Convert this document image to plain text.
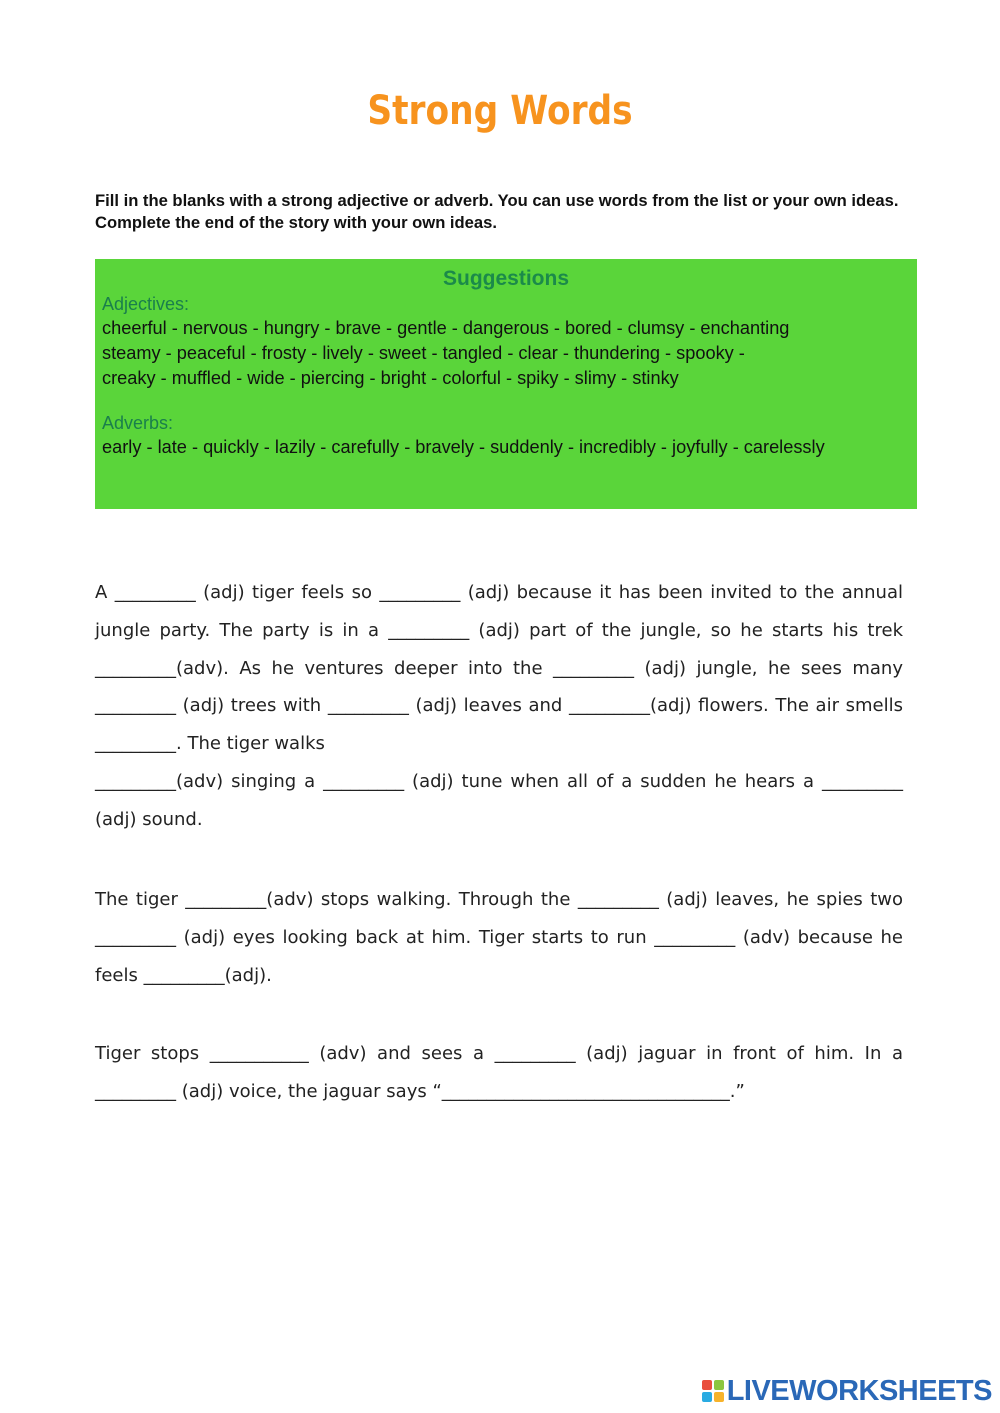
Strong Words
Fill in the blanks with a strong adjective or adverb. You can use words from the list or your own ideas. Complete the end of the story with your own ideas.
Suggestions
Adjectives:
cheerful - nervous - hungry - brave - gentle - dangerous - bored - clumsy - enchanting
steamy - peaceful - frosty - lively - sweet - tangled - clear - thundering - spooky -
creaky - muffled - wide - piercing - bright - colorful - spiky - slimy - stinky
Adverbs:
early - late - quickly - lazily - carefully - bravely - suddenly - incredibly - joyfully - carelessly

A _________ (adj) tiger feels so _________ (adj) because it has been invited to the annual jungle party. The party is in a _________ (adj) part of the jungle, so he starts his trek _________(adv). As he ventures deeper into the _________ (adj) jungle, he sees many _________ (adj) trees with _________ (adj) leaves and _________(adj) flowers. The air smells _________. The tiger walks

_________(adv) singing a _________ (adj) tune when all of a sudden he hears a _________ (adj) sound.

The tiger _________(adv) stops walking. Through the _________ (adj) leaves, he spies two _________ (adj) eyes looking back at him. Tiger starts to run _________ (adv) because he feels _________(adj).

Tiger stops ___________ (adv) and sees a _________ (adj) jaguar in front of him. In a _________ (adj) voice, the jaguar says “________________________________.”

LIVEWORKSHEETS
